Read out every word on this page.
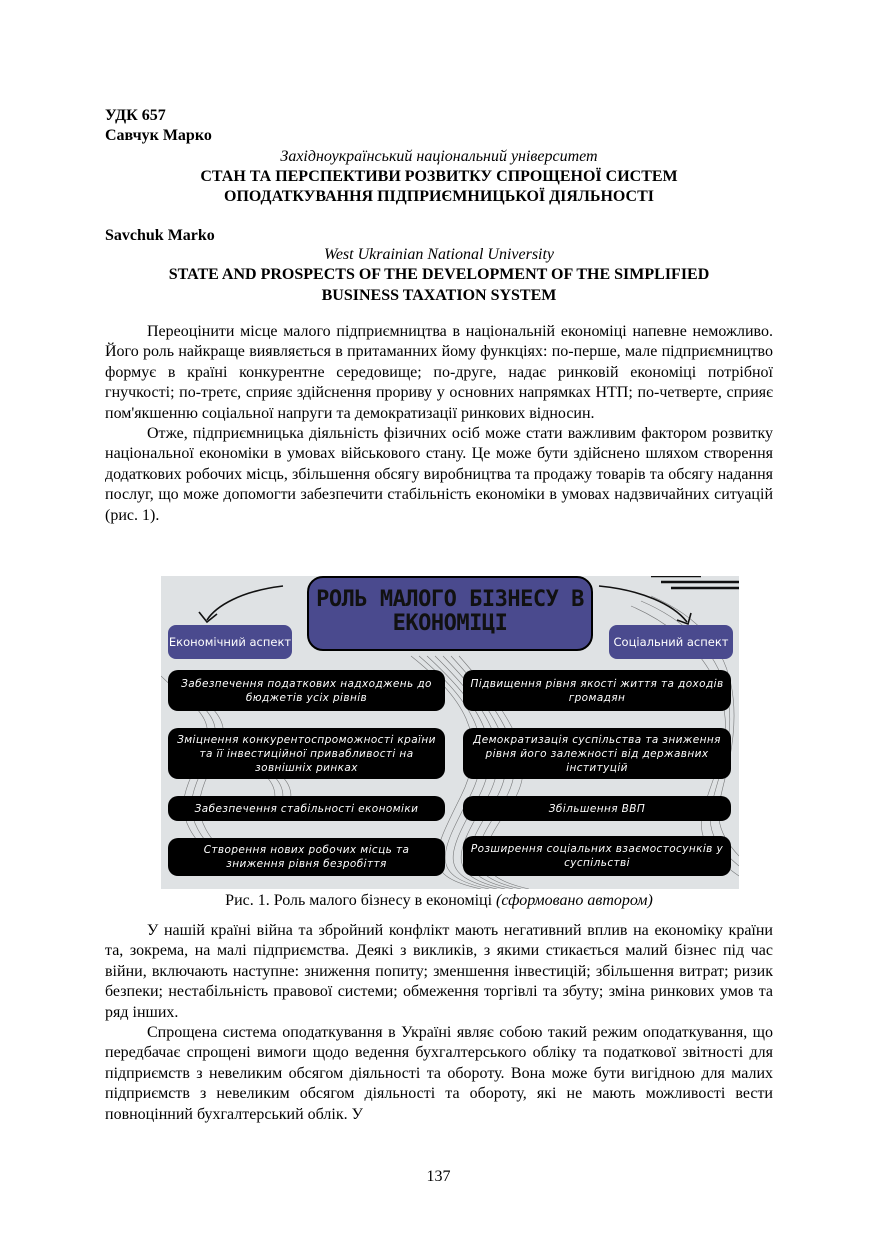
УДК 657
Савчук Марко
Західноукраїнський національний університет
СТАН ТА ПЕРСПЕКТИВИ РОЗВИТКУ СПРОЩЕНОЇ СИСТЕМ
ОПОДАТКУВАННЯ ПІДПРИЄМНИЦЬКОЇ ДІЯЛЬНОСТІ
Savchuk Marko
West Ukrainian National University
STATE AND PROSPECTS OF THE DEVELOPMENT OF THE SIMPLIFIED
BUSINESS TAXATION SYSTEM

Переоцінити місце малого підприємництва в національній економіці напевне неможливо. Його роль найкраще виявляється в притаманних йому функціях: по-перше, мале підприємництво формує в країні конкурентне середовище; по-друге, надає ринковій економіці потрібної гнучкості; по-третє, сприяє здійснення прориву у основних напрямках НТП; по-четверте, сприяє пом'якшенню соціальної напруги та демократизації ринкових відносин.

Отже, підприємницька діяльність фізичних осіб може стати важливим фактором розвитку національної економіки в умовах військового стану. Це може бути здійснено шляхом створення додаткових робочих місць, збільшення обсягу виробництва та продажу товарів та обсягу надання послуг, що може допомогти забезпечити стабільність економіки в умовах надзвичайних ситуацій (рис. 1).

РОЛЬ МАЛОГО БІЗНЕСУ В
ЕКОНОМІЦІ
Економічний аспект	Соціальний аспект
Забезпечення податкових надходжень до бюджетів усіх рівнів
Зміцнення конкурентоспроможності країни та її інвестиційної привабливості на зовнішніх ринках
Забезпечення стабільності економіки
Створення нових робочих місць та зниження рівня безробіття
Підвищення рівня якості життя та доходів громадян
Демократизація суспільства та зниження рівня його залежності від державних інституцій
Збільшення ВВП
Розширення соціальних взаємостосунків у суспільстві
Рис. 1. Роль малого бізнесу в економіці (сформовано автором)

У нашій країні війна та збройний конфлікт мають негативний вплив на економіку країни та, зокрема, на малі підприємства. Деякі з викликів, з якими стикається малий бізнес під час війни, включають наступне: зниження попиту; зменшення інвестицій; збільшення витрат; ризик безпеки; нестабільність правової системи; обмеження торгівлі та збуту; зміна ринкових умов та ряд інших.

Спрощена система оподаткування в Україні являє собою такий режим оподаткування, що передбачає спрощені вимоги щодо ведення бухгалтерського обліку та податкової звітності для підприємств з невеликим обсягом діяльності та обороту. Вона може бути вигідною для малих підприємств з невеликим обсягом діяльності та обороту, які не мають можливості вести повноцінний бухгалтерський облік. У

137
